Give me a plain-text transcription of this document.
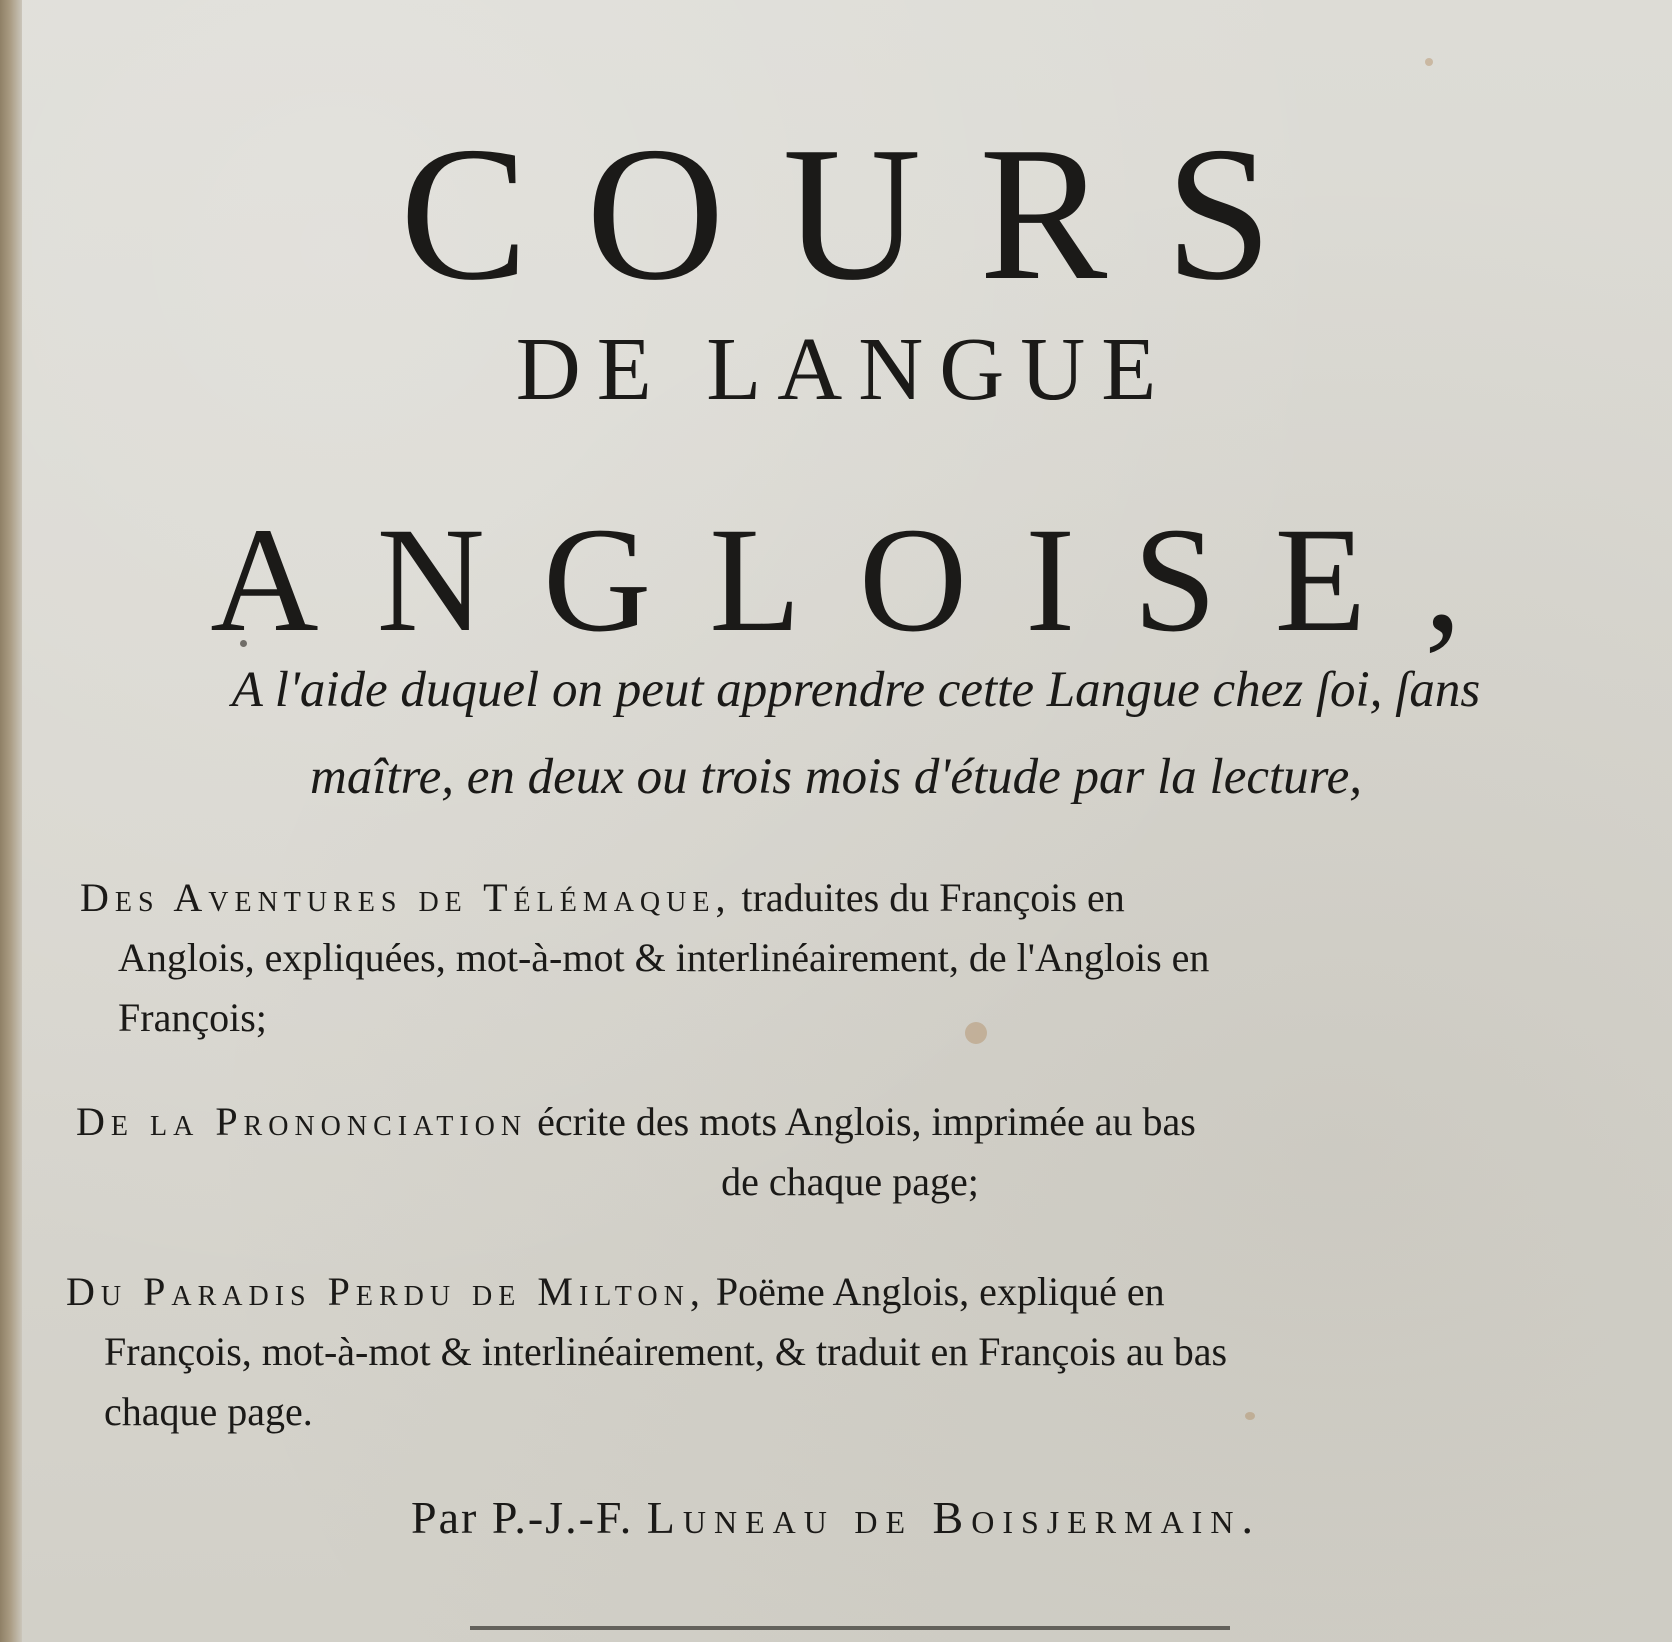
COURS
DE LANGUE
ANGLOISE,
A l'aide duquel on peut apprendre cette Langue chez ſoi, ſans
maître, en deux ou trois mois d'étude par la lecture,
Des Aventures de Télémaque, traduites du François en
Anglois, expliquées, mot-à-mot & interlinéairement, de l'Anglois en
François;
De la Prononciation écrite des mots Anglois, imprimée au bas
de chaque page;
Du Paradis Perdu de Milton, Poëme Anglois, expliqué en
François, mot-à-mot & interlinéairement, & traduit en François au bas
chaque page.
Par P.-J.-F. Luneau de Boisjermain.
